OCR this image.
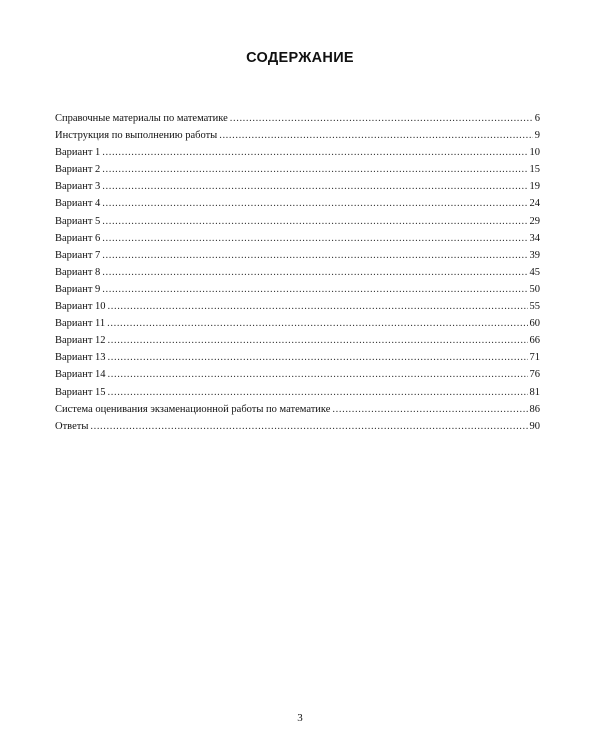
СОДЕРЖАНИЕ
Справочные материалы по математике .....	6
Инструкция по выполнению работы .....	9
Вариант 1 .....	10
Вариант 2 .....	15
Вариант 3 .....	19
Вариант 4 .....	24
Вариант 5 .....	29
Вариант 6 .....	34
Вариант 7 .....	39
Вариант 8 .....	45
Вариант 9 .....	50
Вариант 10 .....	55
Вариант 11 .....	60
Вариант 12 .....	66
Вариант 13 .....	71
Вариант 14 .....	76
Вариант 15 .....	81
Система оценивания экзаменационной работы по математике .....	86
Ответы .....	90
3
